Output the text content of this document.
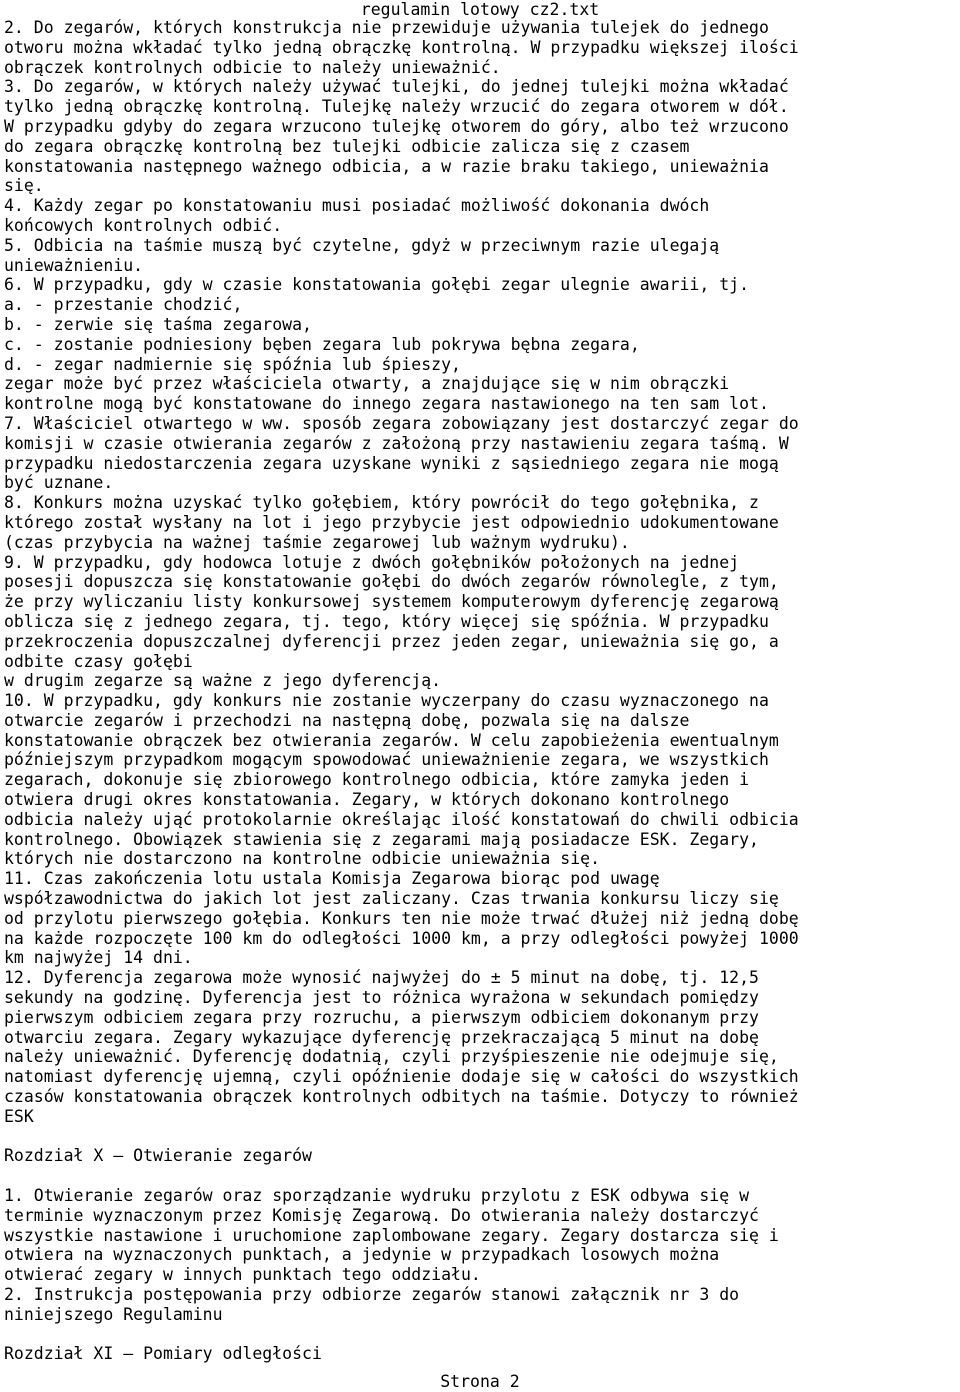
regulamin lotowy cz2.txt
2. Do zegarów, których konstrukcja nie przewiduje używania tulejek do jednego
otworu można wkładać tylko jedną obrączkę kontrolną. W przypadku większej ilości
obrączek kontrolnych odbicie to należy unieważnić.
3. Do zegarów, w których należy używać tulejki, do jednej tulejki można wkładać
tylko jedną obrączkę kontrolną. Tulejkę należy wrzucić do zegara otworem w dół.
W przypadku gdyby do zegara wrzucono tulejkę otworem do góry, albo też wrzucono
do zegara obrączkę kontrolną bez tulejki odbicie zalicza się z czasem
konstatowania następnego ważnego odbicia, a w razie braku takiego, unieważnia
się.
4. Każdy zegar po konstatowaniu musi posiadać możliwość dokonania dwóch
końcowych kontrolnych odbić.
5. Odbicia na taśmie muszą być czytelne, gdyż w przeciwnym razie ulegają
unieważnieniu.
6. W przypadku, gdy w czasie konstatowania gołębi zegar ulegnie awarii, tj.
a. - przestanie chodzić,
b. - zerwie się taśma zegarowa,
c. - zostanie podniesiony bęben zegara lub pokrywa bębna zegara,
d. - zegar nadmiernie się spóźnia lub śpieszy,
zegar może być przez właściciela otwarty, a znajdujące się w nim obrączki
kontrolne mogą być konstatowane do innego zegara nastawionego na ten sam lot.
7. Właściciel otwartego w ww. sposób zegara zobowiązany jest dostarczyć zegar do
komisji w czasie otwierania zegarów z założoną przy nastawieniu zegara taśmą. W
przypadku niedostarczenia zegara uzyskane wyniki z sąsiedniego zegara nie mogą
być uznane.
8. Konkurs można uzyskać tylko gołębiem, który powrócił do tego gołębnika, z
którego został wysłany na lot i jego przybycie jest odpowiednio udokumentowane
(czas przybycia na ważnej taśmie zegarowej lub ważnym wydruku).
9. W przypadku, gdy hodowca lotuje z dwóch gołębników położonych na jednej
posesji dopuszcza się konstatowanie gołębi do dwóch zegarów równolegle, z tym,
że przy wyliczaniu listy konkursowej systemem komputerowym dyferencję zegarową
oblicza się z jednego zegara, tj. tego, który więcej się spóźnia. W przypadku
przekroczenia dopuszczalnej dyferencji przez jeden zegar, unieważnia się go, a
odbite czasy gołębi
w drugim zegarze są ważne z jego dyferencją.
10. W przypadku, gdy konkurs nie zostanie wyczerpany do czasu wyznaczonego na
otwarcie zegarów i przechodzi na następną dobę, pozwala się na dalsze
konstatowanie obrączek bez otwierania zegarów. W celu zapobieżenia ewentualnym
późniejszym przypadkom mogącym spowodować unieważnienie zegara, we wszystkich
zegarach, dokonuje się zbiorowego kontrolnego odbicia, które zamyka jeden i
otwiera drugi okres konstatowania. Zegary, w których dokonano kontrolnego
odbicia należy ująć protokolarnie określając ilość konstatowań do chwili odbicia
kontrolnego. Obowiązek stawienia się z zegarami mają posiadacze ESK. Zegary,
których nie dostarczono na kontrolne odbicie unieważnia się.
11. Czas zakończenia lotu ustala Komisja Zegarowa biorąc pod uwagę
współzawodnictwa do jakich lot jest zaliczany. Czas trwania konkursu liczy się
od przylotu pierwszego gołębia. Konkurs ten nie może trwać dłużej niż jedną dobę
na każde rozpoczęte 100 km do odległości 1000 km, a przy odległości powyżej 1000
km najwyżej 14 dni.
12. Dyferencja zegarowa może wynosić najwyżej do ± 5 minut na dobę, tj. 12,5
sekundy na godzinę. Dyferencja jest to różnica wyrażona w sekundach pomiędzy
pierwszym odbiciem zegara przy rozruchu, a pierwszym odbiciem dokonanym przy
otwarciu zegara. Zegary wykazujące dyferencję przekraczającą 5 minut na dobę
należy unieważnić. Dyferencję dodatnią, czyli przyśpieszenie nie odejmuje się,
natomiast dyferencję ujemną, czyli opóźnienie dodaje się w całości do wszystkich
czasów konstatowania obrączek kontrolnych odbitych na taśmie. Dotyczy to również
ESK
Rozdział X – Otwieranie zegarów
1. Otwieranie zegarów oraz sporządzanie wydruku przylotu z ESK odbywa się w
terminie wyznaczonym przez Komisję Zegarową. Do otwierania należy dostarczyć
wszystkie nastawione i uruchomione zaplombowane zegary. Zegary dostarcza się i
otwiera na wyznaczonych punktach, a jedynie w przypadkach losowych można
otwierać zegary w innych punktach tego oddziału.
2. Instrukcja postępowania przy odbiorze zegarów stanowi załącznik nr 3 do
niniejszego Regulaminu
Rozdział XI – Pomiary odległości
Strona 2
